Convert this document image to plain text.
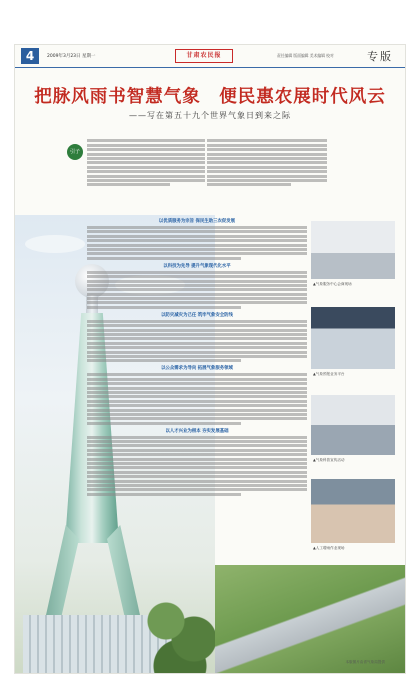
4	2009年3月23日 星期一	甘肃农民报	责任编辑 版面编辑 美术编辑 校对	专版
把脉风雨书智慧气象　便民惠农展时代风云
——写在第五十九个世界气象日到来之际
引子
以优质服务为宗旨 保民生助三农促发展
以科技为先导 提升气象现代化水平
以防灾减灾为己任 筑牢气象安全防线
以公众需求为导向 拓展气象服务领域
以人才兴业为根本 夯实发展基础
▲气象服务中心会商现场
▲气象预报业务平台
▲气象科普宣传活动
▲人工增雨作业现场
本版图片由省气象局提供
